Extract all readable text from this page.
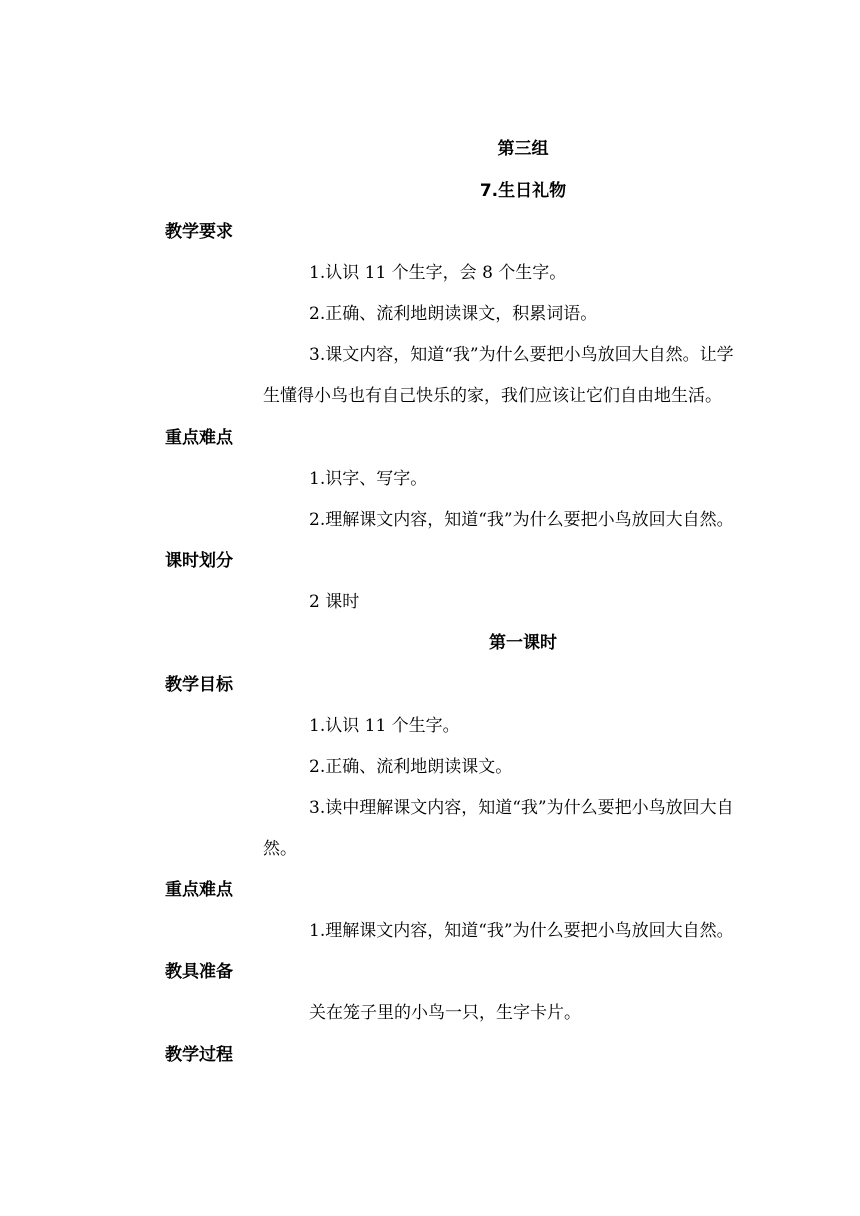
第三组
7.生日礼物
教学要求
1.认识 11 个生字，会 8 个生字。
2.正确、流利地朗读课文，积累词语。
3.课文内容，知道“我”为什么要把小鸟放回大自然。让学
生懂得小鸟也有自己快乐的家，我们应该让它们自由地生活。
重点难点
1.识字、写字。
2.理解课文内容，知道“我”为什么要把小鸟放回大自然。
课时划分
2 课时
第一课时
教学目标
1.认识 11 个生字。
2.正确、流利地朗读课文。
3.读中理解课文内容，知道“我”为什么要把小鸟放回大自
然。
重点难点
1.理解课文内容，知道“我”为什么要把小鸟放回大自然。
教具准备
关在笼子里的小鸟一只，生字卡片。
教学过程
